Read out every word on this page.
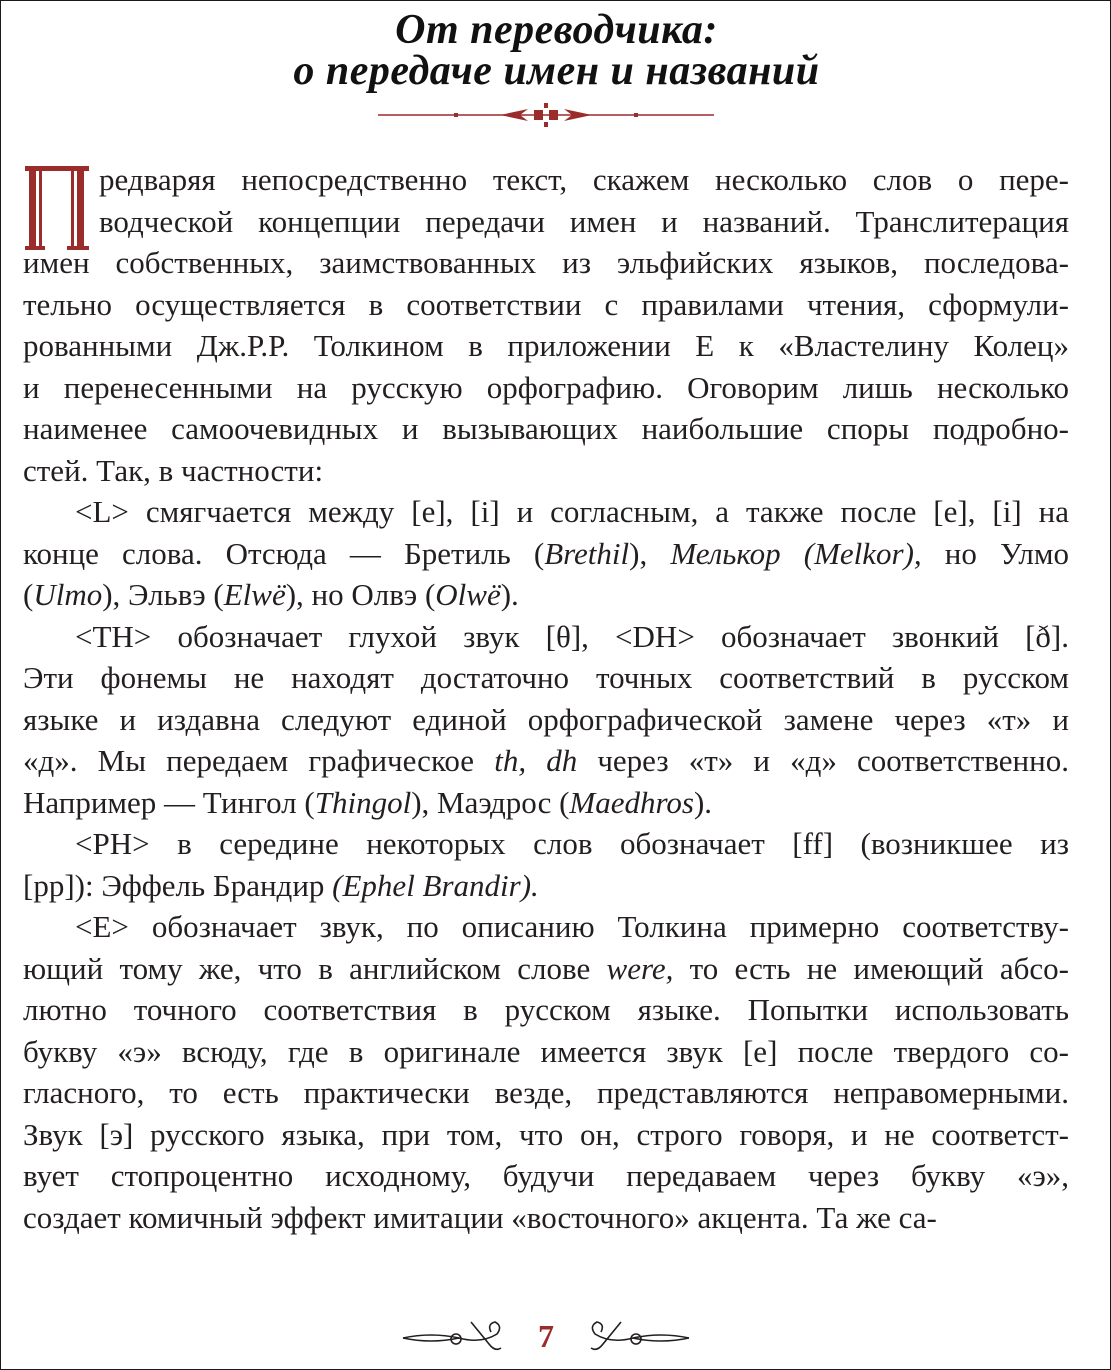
От переводчика:
о передаче имен и названий
редваряя непосредственно текст, скажем несколько слов о пере-
водческой концепции передачи имен и названий. Транслитерация
имен собственных, заимствованных из эльфийских языков, последова-
тельно осуществляется в соответствии с правилами чтения, сформули-
рованными Дж.Р.Р. Толкином в приложении Е к «Властелину Колец»
и перенесенными на русскую орфографию. Оговорим лишь несколько
наименее самоочевидных и вызывающих наибольшие споры подробно-
стей. Так, в частности:
<L> смягчается между [e], [i] и согласным, а также после [e], [i] на
конце слова. Отсюда — Бретиль (Brethil), Мелькор (Melkor), но Улмо
(Ulmo), Эльвэ (Elwë), но Олвэ (Olwë).
<TH> обозначает глухой звук [θ], <DH> обозначает звонкий [ð].
Эти фонемы не находят достаточно точных соответствий в русском
языке и издавна следуют единой орфографической замене через «т» и
«д». Мы передаем графическое th, dh через «т» и «д» соответственно.
Например — Тингол (Thingol), Маэдрос (Maedhros).
<PH> в середине некоторых слов обозначает [ff] (возникшее из
[pp]): Эффель Брандир (Ephel Brandir).
<E> обозначает звук, по описанию Толкина примерно соответству-
ющий тому же, что в английском слове were, то есть не имеющий абсо-
лютно точного соответствия в русском языке. Попытки использовать
букву «э» всюду, где в оригинале имеется звук [е] после твердого со-
гласного, то есть практически везде, представляются неправомерными.
Звук [э] русского языка, при том, что он, строго говоря, и не соответст-
вует стопроцентно исходному, будучи передаваем через букву «э»,
создает комичный эффект имитации «восточного» акцента. Та же са-
7
